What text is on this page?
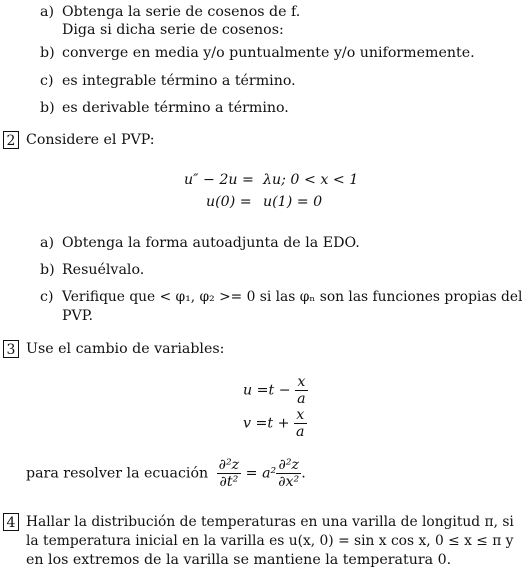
a) Obtenga la serie de cosenos de f.
Diga si dicha serie de cosenos:
b) converge en media y/o puntualmente y/o uniformemente.
c) es integrable término a término.
b) es derivable término a término.
2 Considere el PVP:
u″ − 2u = λu; 0 < x < 1
u(0) = u(1) = 0
a) Obtenga la forma autoadjunta de la EDO.
b) Resuélvalo.
c) Verifique que < φ₁, φ₂ >= 0 si las φₙ son las funciones propias del
PVP.
3 Use el cambio de variables:
$u =t - \frac{x}{a}$
$v =t + \frac{x}{a}$
para resolver la ecuación $\frac{\text{∂²z}}{\text{∂t²}} = a^2 \frac{\text{∂²z}}{\text{∂x²}}$ .
4 Hallar la distribución de temperaturas en una varilla de longitud π, si
la temperatura inicial en la varilla es u(x, 0) = sin x cos x, 0 ≤ x ≤ π y
en los extremos de la varilla se mantiene la temperatura 0.
